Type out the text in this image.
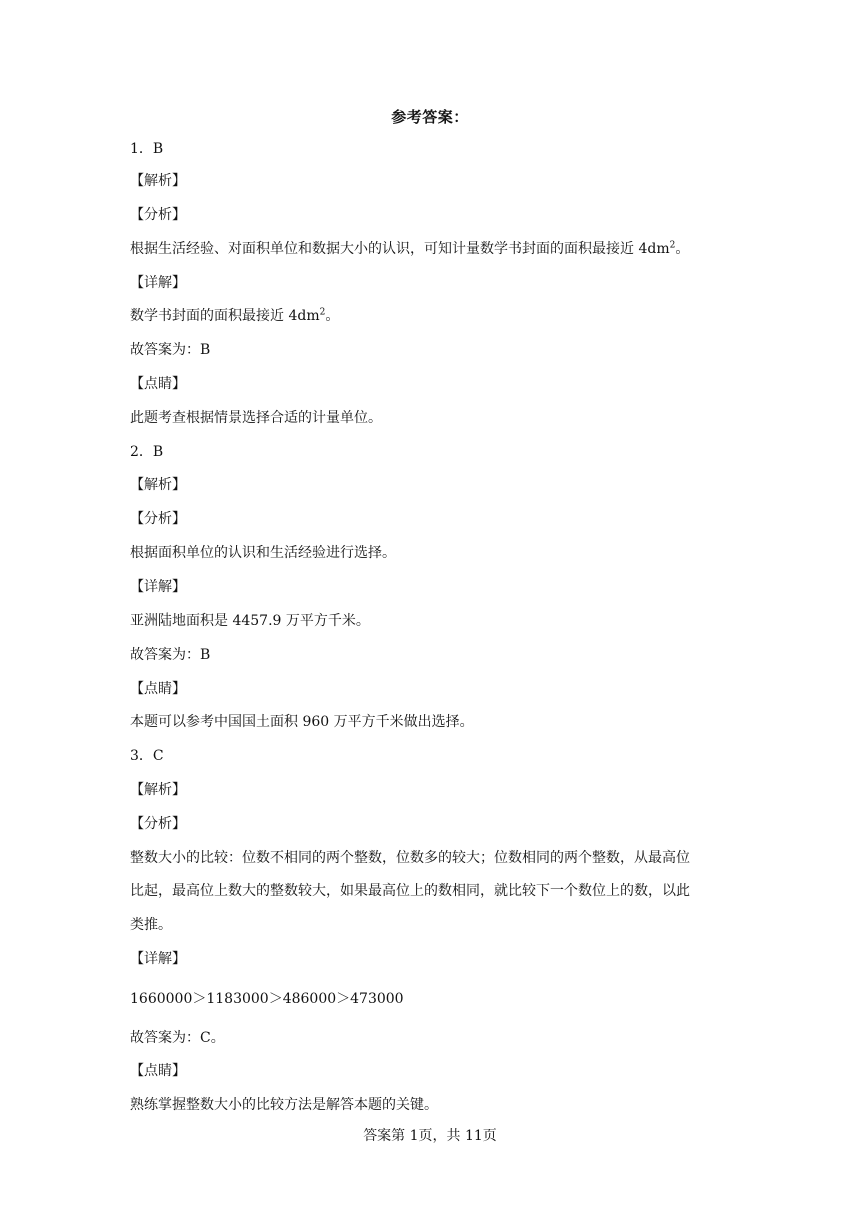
参考答案：
1．B
【解析】
【分析】
根据生活经验、对面积单位和数据大小的认识，可知计量数学书封面的面积最接近 $4dm^2$。
【详解】
数学书封面的面积最接近 $4dm^2$。
故答案为：B
【点睛】
此题考查根据情景选择合适的计量单位。
2．B
【解析】
【分析】
根据面积单位的认识和生活经验进行选择。
【详解】
亚洲陆地面积是 4457.9 万平方千米。
故答案为：B
【点睛】
本题可以参考中国国土面积 960 万平方千米做出选择。
3．C
【解析】
【分析】
整数大小的比较：位数不相同的两个整数，位数多的较大；位数相同的两个整数，从最高位
比起，最高位上数大的整数较大，如果最高位上的数相同，就比较下一个数位上的数，以此
类推。
【详解】
1660000＞1183000＞486000＞473000
故答案为：C。
【点睛】
熟练掌握整数大小的比较方法是解答本题的关键。
答案第 1页，共 11页
